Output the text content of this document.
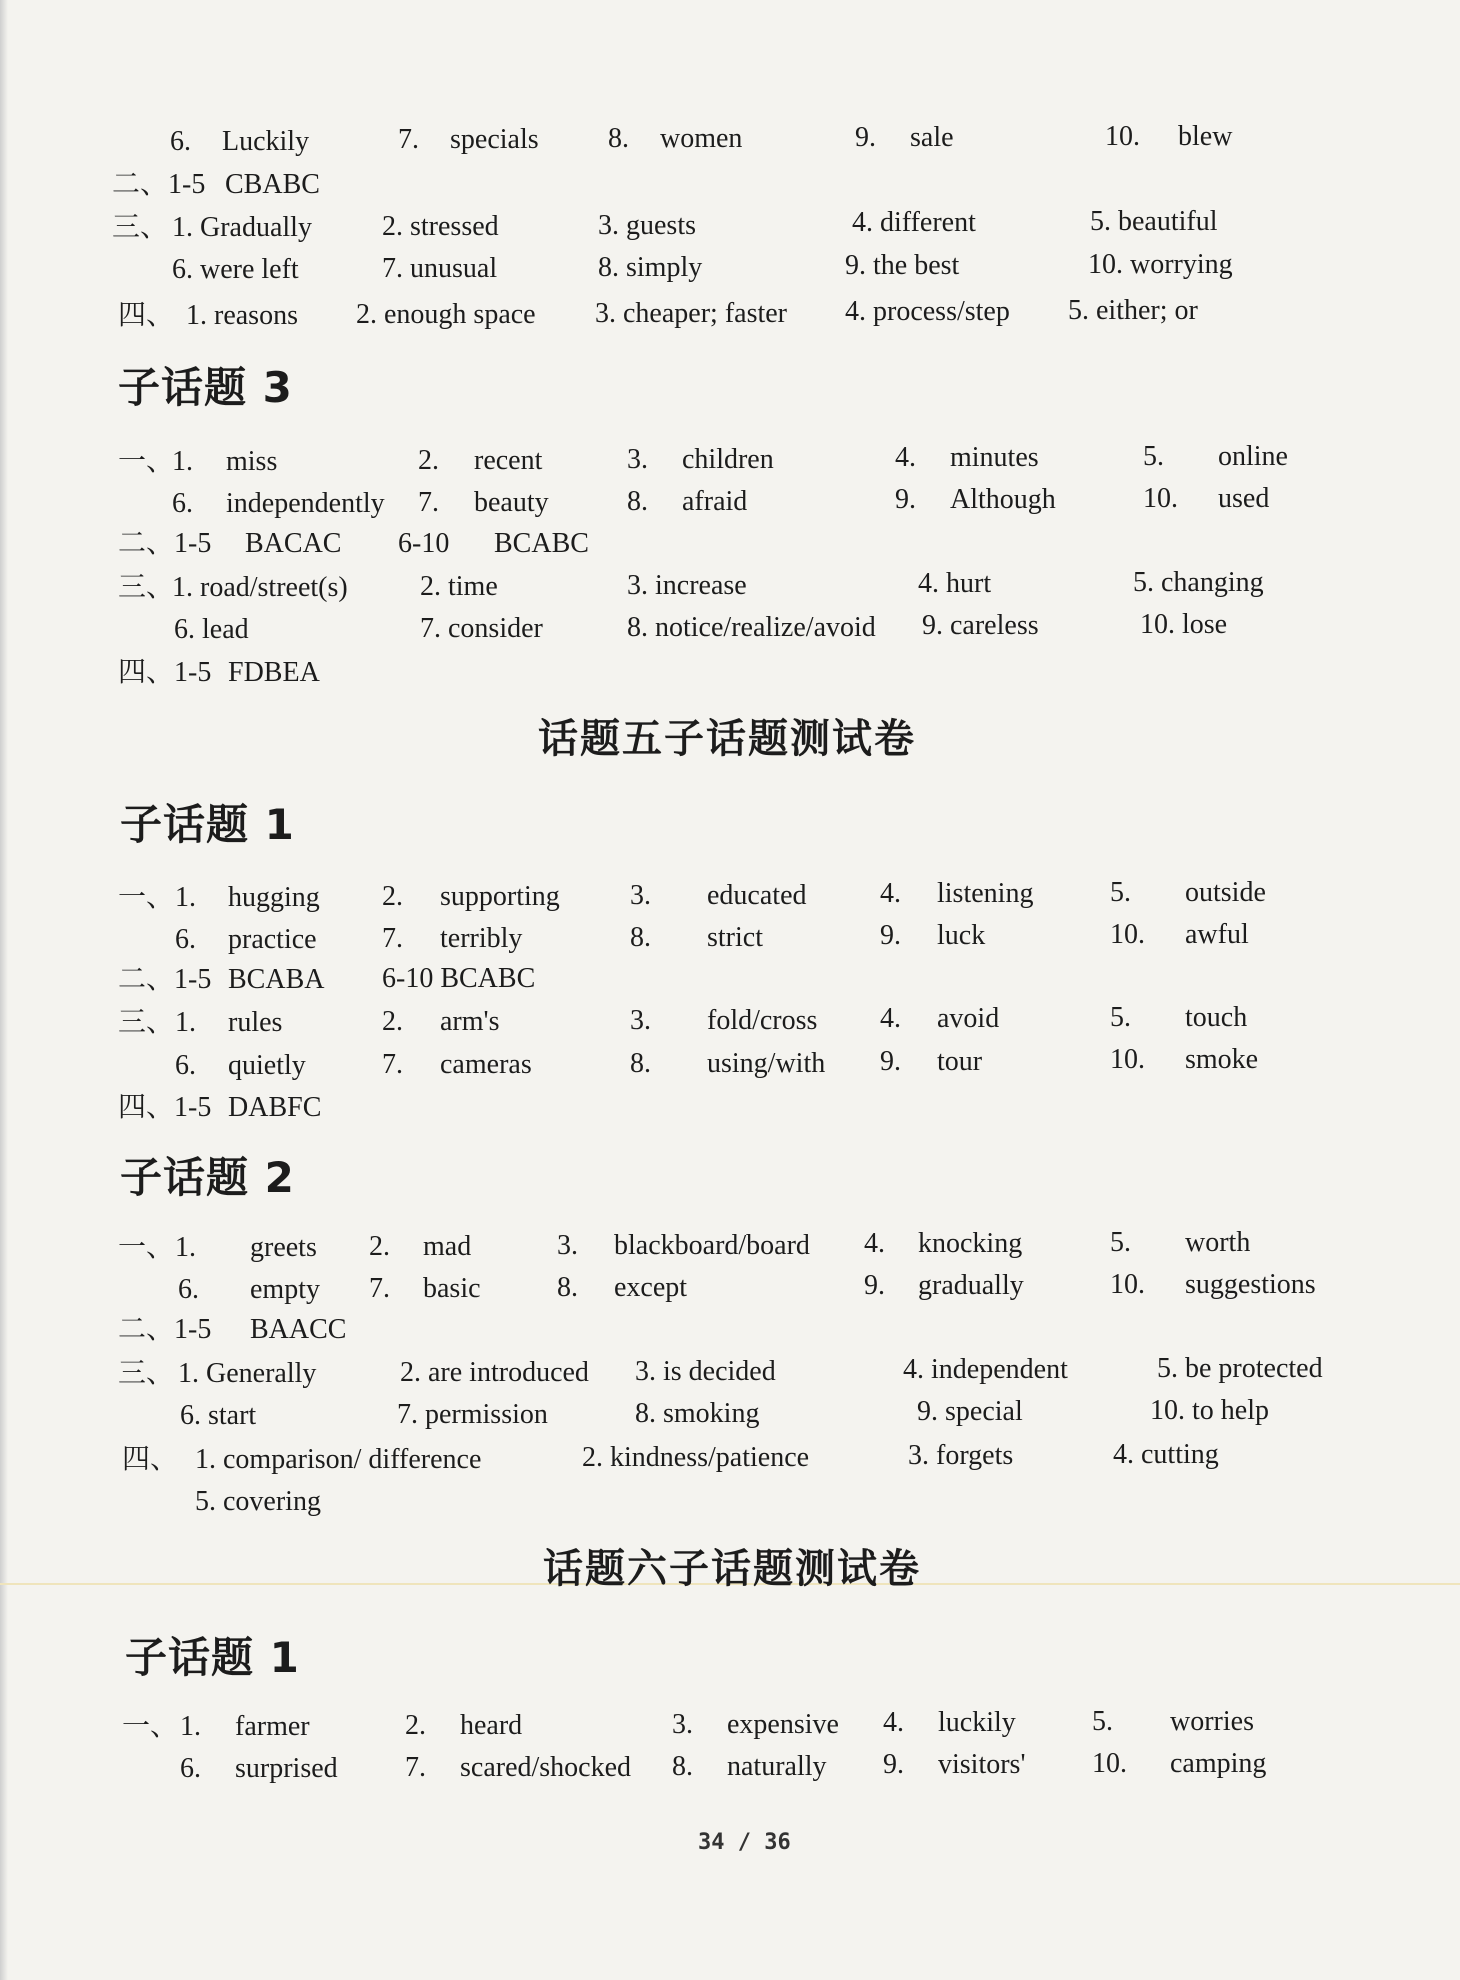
6. Luckily	7. specials 8. women	9. sale	10. blew
二、1-5 CBABC
三、 1. Gradually	2. stressed	3. guests	4. different	5. beautiful
6. were left	7. unusual	8. simply	9. the best	10. worrying
四、 1. reasons 2. enough space 3. cheaper; faster 4. process/step 5. either; or
子话题 3
一、
1. miss	2. recent	3. children	4. minutes	5. online
6. independently 7. beauty	8. afraid	9. Although	10. used
二、1-5 BACAC 6-10 BCABC
三、
1. road/street(s)	2. time	3. increase	4. hurt	5. changing
6. lead	7. consider	8. notice/realize/avoid 9. careless	10. lose
四、1-5 FDBEA
话题五子话题测试卷
子话题 1
一、 1. hugging 2. supporting	3. educated	4. listening	5. outside
6. practice 7. terribly	8. strict	9. luck	10. awful
二、1-5 BCABA 6-10 BCABC
三、 1. rules	2. arm's	3. fold/cross 4. avoid	5. touch
6. quietly	7. cameras	8. using/with 9. tour	10. smoke
四、1-5 DABFC
子话题 2
一、 1. greets 2. mad	3. blackboard/board 4. knocking	5. worth
6. empty 7. basic	8. except	9. gradually	10. suggestions
二、1-5 BAACC
三、 1. Generally	2. are introduced 3. is decided	4. independent	5. be protected
6. start	7. permission	8. smoking	9. special	10. to help
四、 1. comparison/ difference	2. kindness/patience	3. forgets	4. cutting
5. covering
话题六子话题测试卷
子话题 1
一、 1. farmer	2. heard	3. expensive 4. luckily	5. worries
6. surprised 7. scared/shocked 8. naturally 9. visitors' 10. camping
34 / 36
